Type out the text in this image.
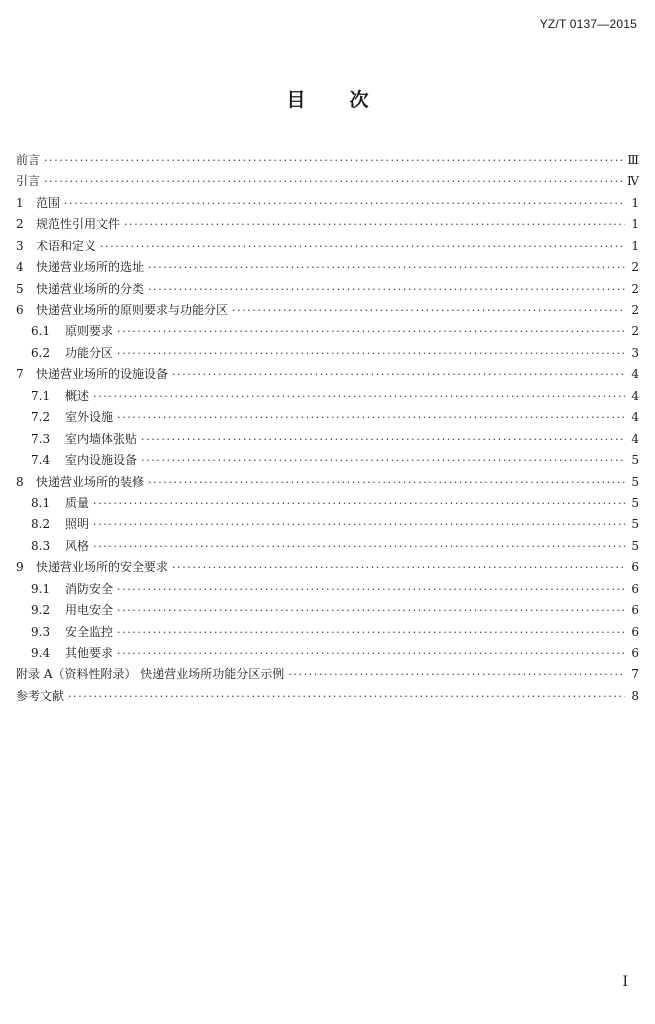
YZ/T 0137—2015
目 次
前言 ·····	Ⅲ
引言 ·····	Ⅳ
1	范围 ·····	1
2	规范性引用文件 ·····	1
3	术语和定义 ·····	1
4	快递营业场所的选址 ·····	2
5	快递营业场所的分类 ·····	2
6	快递营业场所的原则要求与功能分区 ·····	2
6.1	原则要求 ·····	2
6.2	功能分区 ·····	3
7	快递营业场所的设施设备 ·····	4
7.1	概述 ·····	4
7.2	室外设施 ·····	4
7.3	室内墙体张贴 ·····	4
7.4	室内设施设备 ·····	5
8	快递营业场所的装修 ·····	5
8.1	质量 ·····	5
8.2	照明 ·····	5
8.3	风格 ·····	5
9	快递营业场所的安全要求 ·····	6
9.1	消防安全 ·····	6
9.2	用电安全 ·····	6
9.3	安全监控 ·····	6
9.4	其他要求 ·····	6
附录 A（资料性附录） 快递营业场所功能分区示例 ·····	7
参考文献 ·····	8
I
